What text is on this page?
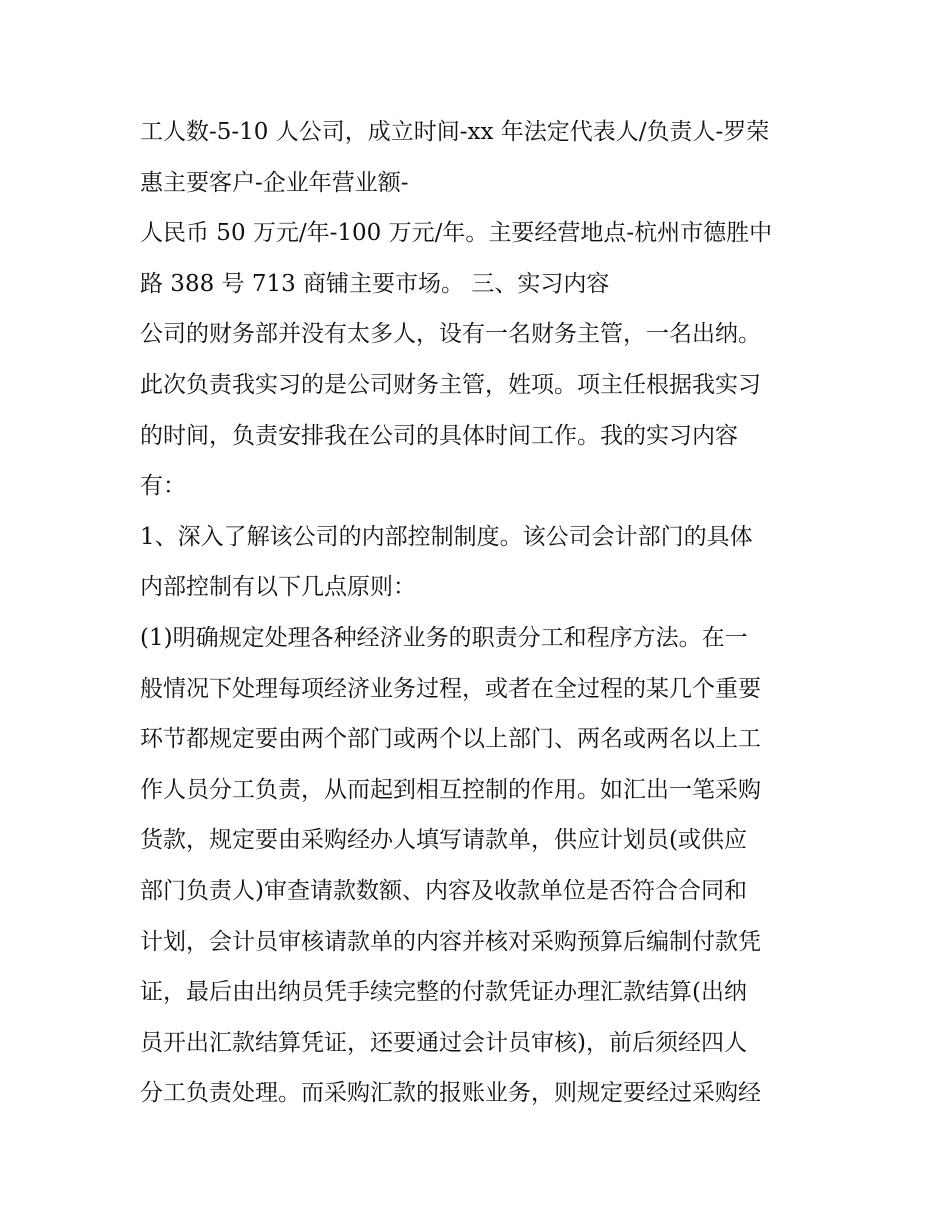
工人数-5-10 人公司，成立时间-xx 年法定代表人/负责人-罗荣
惠主要客户-企业年营业额-
人民币 50 万元/年-100 万元/年。主要经营地点-杭州市德胜中
路 388 号 713 商铺主要市场。 三、实习内容
公司的财务部并没有太多人，设有一名财务主管，一名出纳。
此次负责我实习的是公司财务主管，姓项。项主任根据我实习
的时间，负责安排我在公司的具体时间工作。我的实习内容
有：
1、深入了解该公司的内部控制制度。该公司会计部门的具体
内部控制有以下几点原则：
(1)明确规定处理各种经济业务的职责分工和程序方法。在一
般情况下处理每项经济业务过程，或者在全过程的某几个重要
环节都规定要由两个部门或两个以上部门、两名或两名以上工
作人员分工负责，从而起到相互控制的作用。如汇出一笔采购
货款，规定要由采购经办人填写请款单，供应计划员(或供应
部门负责人)审查请款数额、内容及收款单位是否符合合同和
计划，会计员审核请款单的内容并核对采购预算后编制付款凭
证，最后由出纳员凭手续完整的付款凭证办理汇款结算(出纳
员开出汇款结算凭证，还要通过会计员审核)，前后须经四人
分工负责处理。而采购汇款的报账业务，则规定要经过采购经
